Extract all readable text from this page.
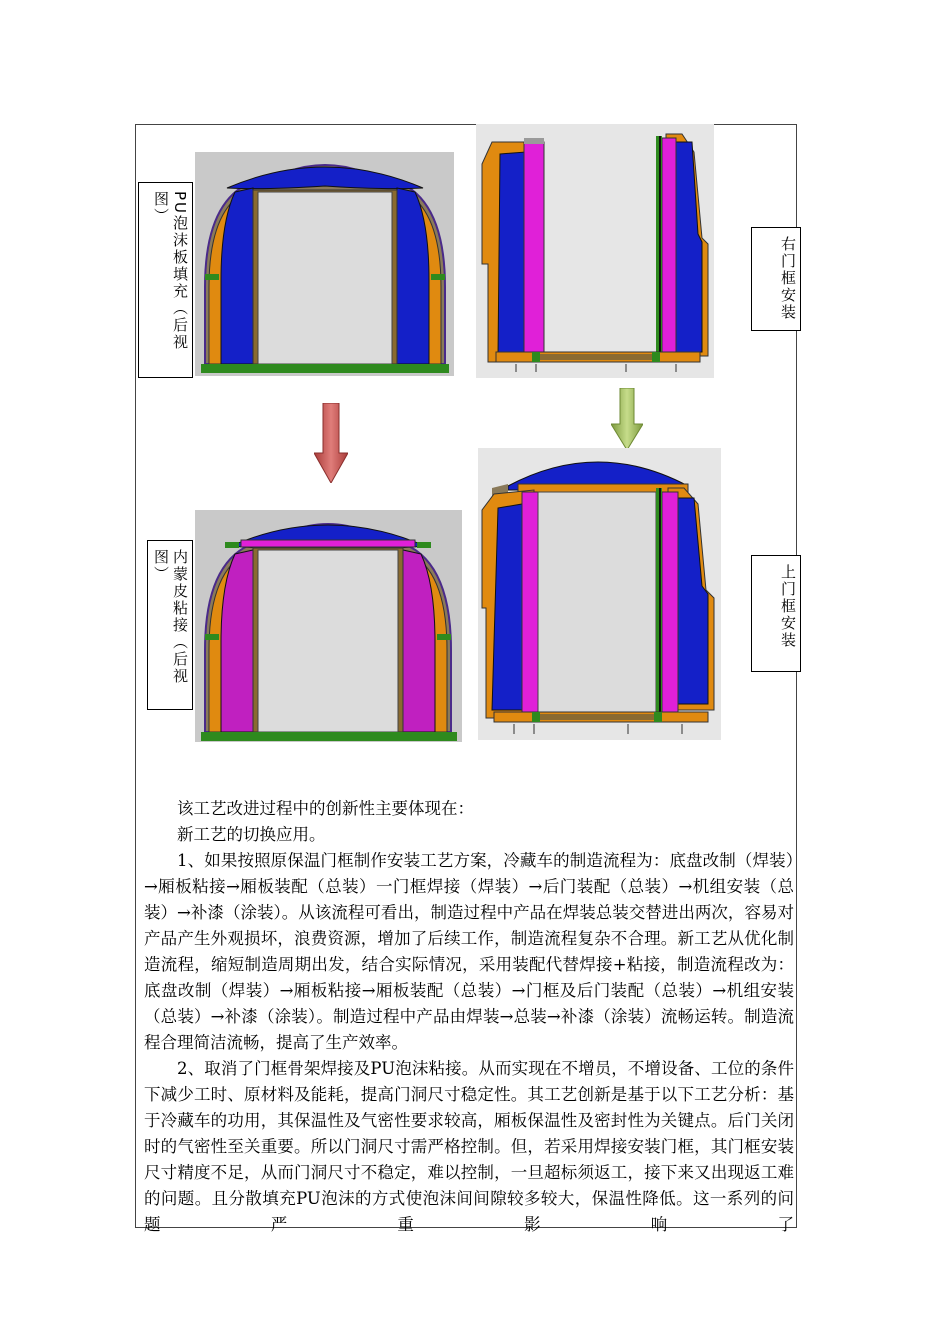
PU泡沫板填充（后视图）
内蒙皮粘接（后视图）
右门框安装
上门框安装

该工艺改进过程中的创新性主要体现在：

新工艺的切换应用。

1、如果按照原保温门框制作安装工艺方案，冷藏车的制造流程为：底盘改制（焊装）→厢板粘接→厢板装配（总装）一门框焊接（焊装）→后门装配（总装）→机组安装（总装）→补漆（涂装）。从该流程可看出，制造过程中产品在焊装总装交替进出两次，容易对产品产生外观损坏，浪费资源，增加了后续工作，制造流程复杂不合理。新工艺从优化制造流程，缩短制造周期出发，结合实际情况，采用装配代替焊接+粘接，制造流程改为：底盘改制（焊装）→厢板粘接→厢板装配（总装）→门框及后门装配（总装）→机组安装（总装）→补漆（涂装）。制造过程中产品由焊装→总装→补漆（涂装）流畅运转。制造流程合理简洁流畅，提高了生产效率。

2、取消了门框骨架焊接及PU泡沫粘接。从而实现在不增员，不增设备、工位的条件下减少工时、原材料及能耗，提高门洞尺寸稳定性。其工艺创新是基于以下工艺分析：基于冷藏车的功用，其保温性及气密性要求较高，厢板保温性及密封性为关键点。后门关闭时的气密性至关重要。所以门洞尺寸需严格控制。但，若采用焊接安装门框，其门框安装尺寸精度不足，从而门洞尺寸不稳定，难以控制，一旦超标须返工，接下来又出现返工难的问题。且分散填充PU泡沫的方式使泡沫间间隙较多较大，保温性降低。这一系列的问题严重影响了
